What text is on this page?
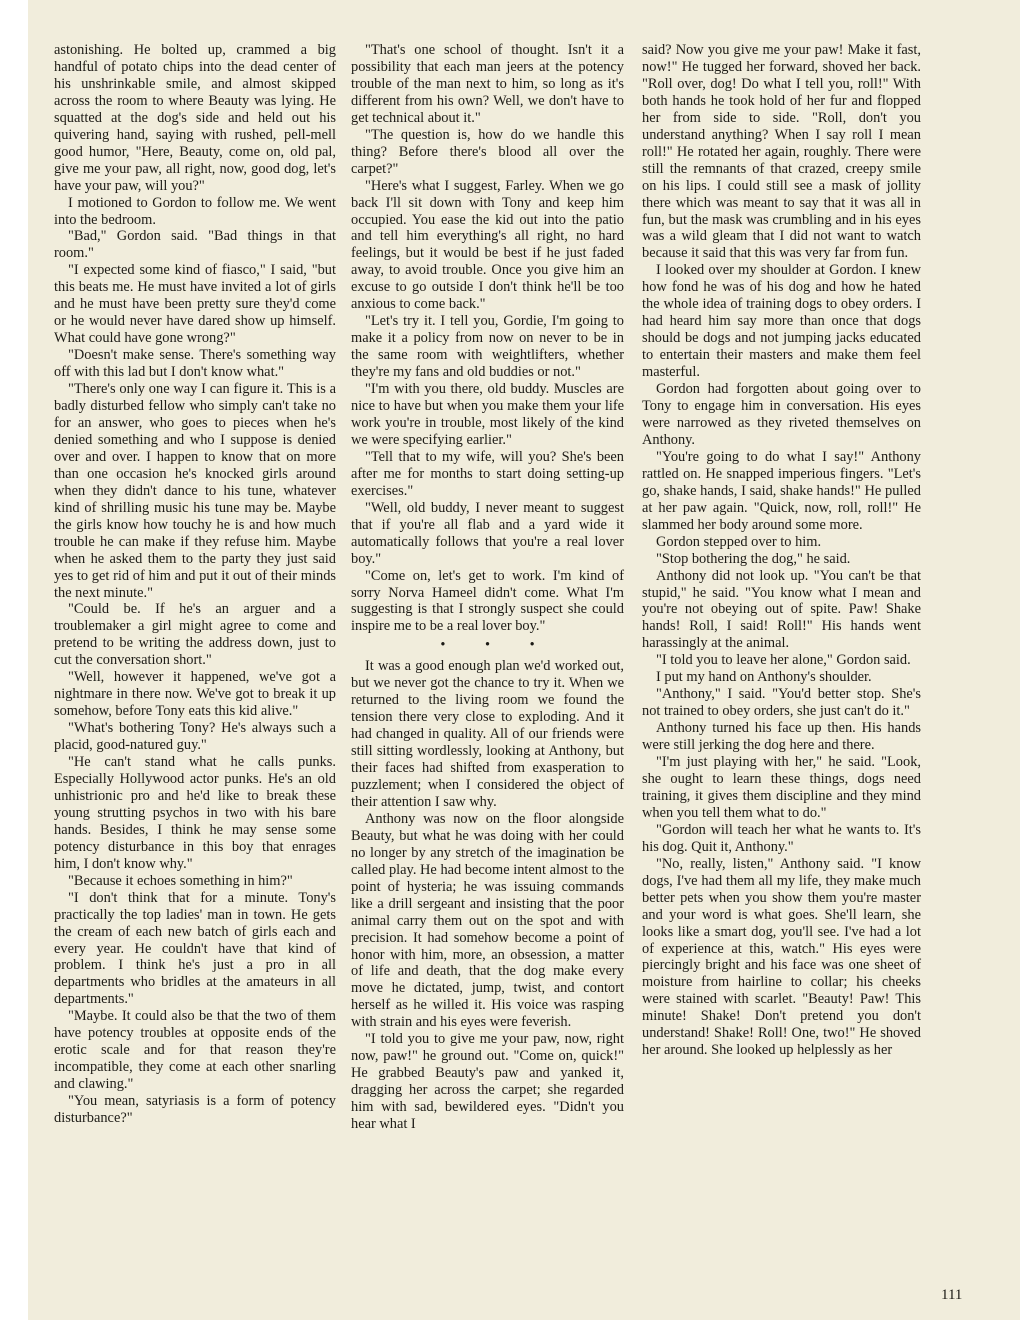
astonishing. He bolted up, crammed a big handful of potato chips into the dead center of his unshrinkable smile, and almost skipped across the room to where Beauty was lying. He squatted at the dog's side and held out his quivering hand, saying with rushed, pell-mell good humor, "Here, Beauty, come on, old pal, give me your paw, all right, now, good dog, let's have your paw, will you?"

I motioned to Gordon to follow me. We went into the bedroom.

"Bad," Gordon said. "Bad things in that room."

"I expected some kind of fiasco," I said, "but this beats me. He must have invited a lot of girls and he must have been pretty sure they'd come or he would never have dared show up himself. What could have gone wrong?"

"Doesn't make sense. There's something way off with this lad but I don't know what."

"There's only one way I can figure it. This is a badly disturbed fellow who simply can't take no for an answer, who goes to pieces when he's denied something and who I suppose is denied over and over. I happen to know that on more than one occasion he's knocked girls around when they didn't dance to his tune, whatever kind of shrilling music his tune may be. Maybe the girls know how touchy he is and how much trouble he can make if they refuse him. Maybe when he asked them to the party they just said yes to get rid of him and put it out of their minds the next minute."

"Could be. If he's an arguer and a troublemaker a girl might agree to come and pretend to be writing the address down, just to cut the conversation short."

"Well, however it happened, we've got a nightmare in there now. We've got to break it up somehow, before Tony eats this kid alive."

"What's bothering Tony? He's always such a placid, good-natured guy."

"He can't stand what he calls punks. Especially Hollywood actor punks. He's an old unhistrionic pro and he'd like to break these young strutting psychos in two with his bare hands. Besides, I think he may sense some potency disturbance in this boy that enrages him, I don't know why."

"Because it echoes something in him?"

"I don't think that for a minute. Tony's practically the top ladies' man in town. He gets the cream of each new batch of girls each and every year. He couldn't have that kind of problem. I think he's just a pro in all departments who bridles at the amateurs in all departments."

"Maybe. It could also be that the two of them have potency troubles at opposite ends of the erotic scale and for that reason they're incompatible, they come at each other snarling and clawing."

"You mean, satyriasis is a form of potency disturbance?"

"That's one school of thought. Isn't it a possibility that each man jeers at the potency trouble of the man next to him, so long as it's different from his own? Well, we don't have to get technical about it."

"The question is, how do we handle this thing? Before there's blood all over the carpet?"

"Here's what I suggest, Farley. When we go back I'll sit down with Tony and keep him occupied. You ease the kid out into the patio and tell him everything's all right, no hard feelings, but it would be best if he just faded away, to avoid trouble. Once you give him an excuse to go outside I don't think he'll be too anxious to come back."

"Let's try it. I tell you, Gordie, I'm going to make it a policy from now on never to be in the same room with weightlifters, whether they're my fans and old buddies or not."

"I'm with you there, old buddy. Muscles are nice to have but when you make them your life work you're in trouble, most likely of the kind we were specifying earlier."

"Tell that to my wife, will you? She's been after me for months to start doing setting-up exercises."

"Well, old buddy, I never meant to suggest that if you're all flab and a yard wide it automatically follows that you're a real lover boy."

"Come on, let's get to work. I'm kind of sorry Norva Hameel didn't come. What I'm suggesting is that I strongly suspect she could inspire me to be a real lover boy."

• • •

It was a good enough plan we'd worked out, but we never got the chance to try it. When we returned to the living room we found the tension there very close to exploding. And it had changed in quality. All of our friends were still sitting wordlessly, looking at Anthony, but their faces had shifted from exasperation to puzzlement; when I considered the object of their attention I saw why.

Anthony was now on the floor alongside Beauty, but what he was doing with her could no longer by any stretch of the imagination be called play. He had become intent almost to the point of hysteria; he was issuing commands like a drill sergeant and insisting that the poor animal carry them out on the spot and with precision. It had somehow become a point of honor with him, more, an obsession, a matter of life and death, that the dog make every move he dictated, jump, twist, and contort herself as he willed it. His voice was rasping with strain and his eyes were feverish.

"I told you to give me your paw, now, right now, paw!" he ground out. "Come on, quick!" He grabbed Beauty's paw and yanked it, dragging her across the carpet; she regarded him with sad, bewildered eyes. "Didn't you hear what I

said? Now you give me your paw! Make it fast, now!" He tugged her forward, shoved her back. "Roll over, dog! Do what I tell you, roll!" With both hands he took hold of her fur and flopped her from side to side. "Roll, don't you understand anything? When I say roll I mean roll!" He rotated her again, roughly. There were still the remnants of that crazed, creepy smile on his lips. I could still see a mask of jollity there which was meant to say that it was all in fun, but the mask was crumbling and in his eyes was a wild gleam that I did not want to watch because it said that this was very far from fun.

I looked over my shoulder at Gordon. I knew how fond he was of his dog and how he hated the whole idea of training dogs to obey orders. I had heard him say more than once that dogs should be dogs and not jumping jacks educated to entertain their masters and make them feel masterful.

Gordon had forgotten about going over to Tony to engage him in conversation. His eyes were narrowed as they riveted themselves on Anthony.

"You're going to do what I say!" Anthony rattled on. He snapped imperious fingers. "Let's go, shake hands, I said, shake hands!" He pulled at her paw again. "Quick, now, roll, roll!" He slammed her body around some more.

Gordon stepped over to him.

"Stop bothering the dog," he said.

Anthony did not look up. "You can't be that stupid," he said. "You know what I mean and you're not obeying out of spite. Paw! Shake hands! Roll, I said! Roll!" His hands went harassingly at the animal.

"I told you to leave her alone," Gordon said.

I put my hand on Anthony's shoulder.

"Anthony," I said. "You'd better stop. She's not trained to obey orders, she just can't do it."

Anthony turned his face up then. His hands were still jerking the dog here and there.

"I'm just playing with her," he said. "Look, she ought to learn these things, dogs need training, it gives them discipline and they mind when you tell them what to do."

"Gordon will teach her what he wants to. It's his dog. Quit it, Anthony."

"No, really, listen," Anthony said. "I know dogs, I've had them all my life, they make much better pets when you show them you're master and your word is what goes. She'll learn, she looks like a smart dog, you'll see. I've had a lot of experience at this, watch." His eyes were piercingly bright and his face was one sheet of moisture from hairline to collar; his cheeks were stained with scarlet. "Beauty! Paw! This minute! Shake! Don't pretend you don't understand! Shake! Roll! One, two!" He shoved her around. She looked up helplessly as her

111
